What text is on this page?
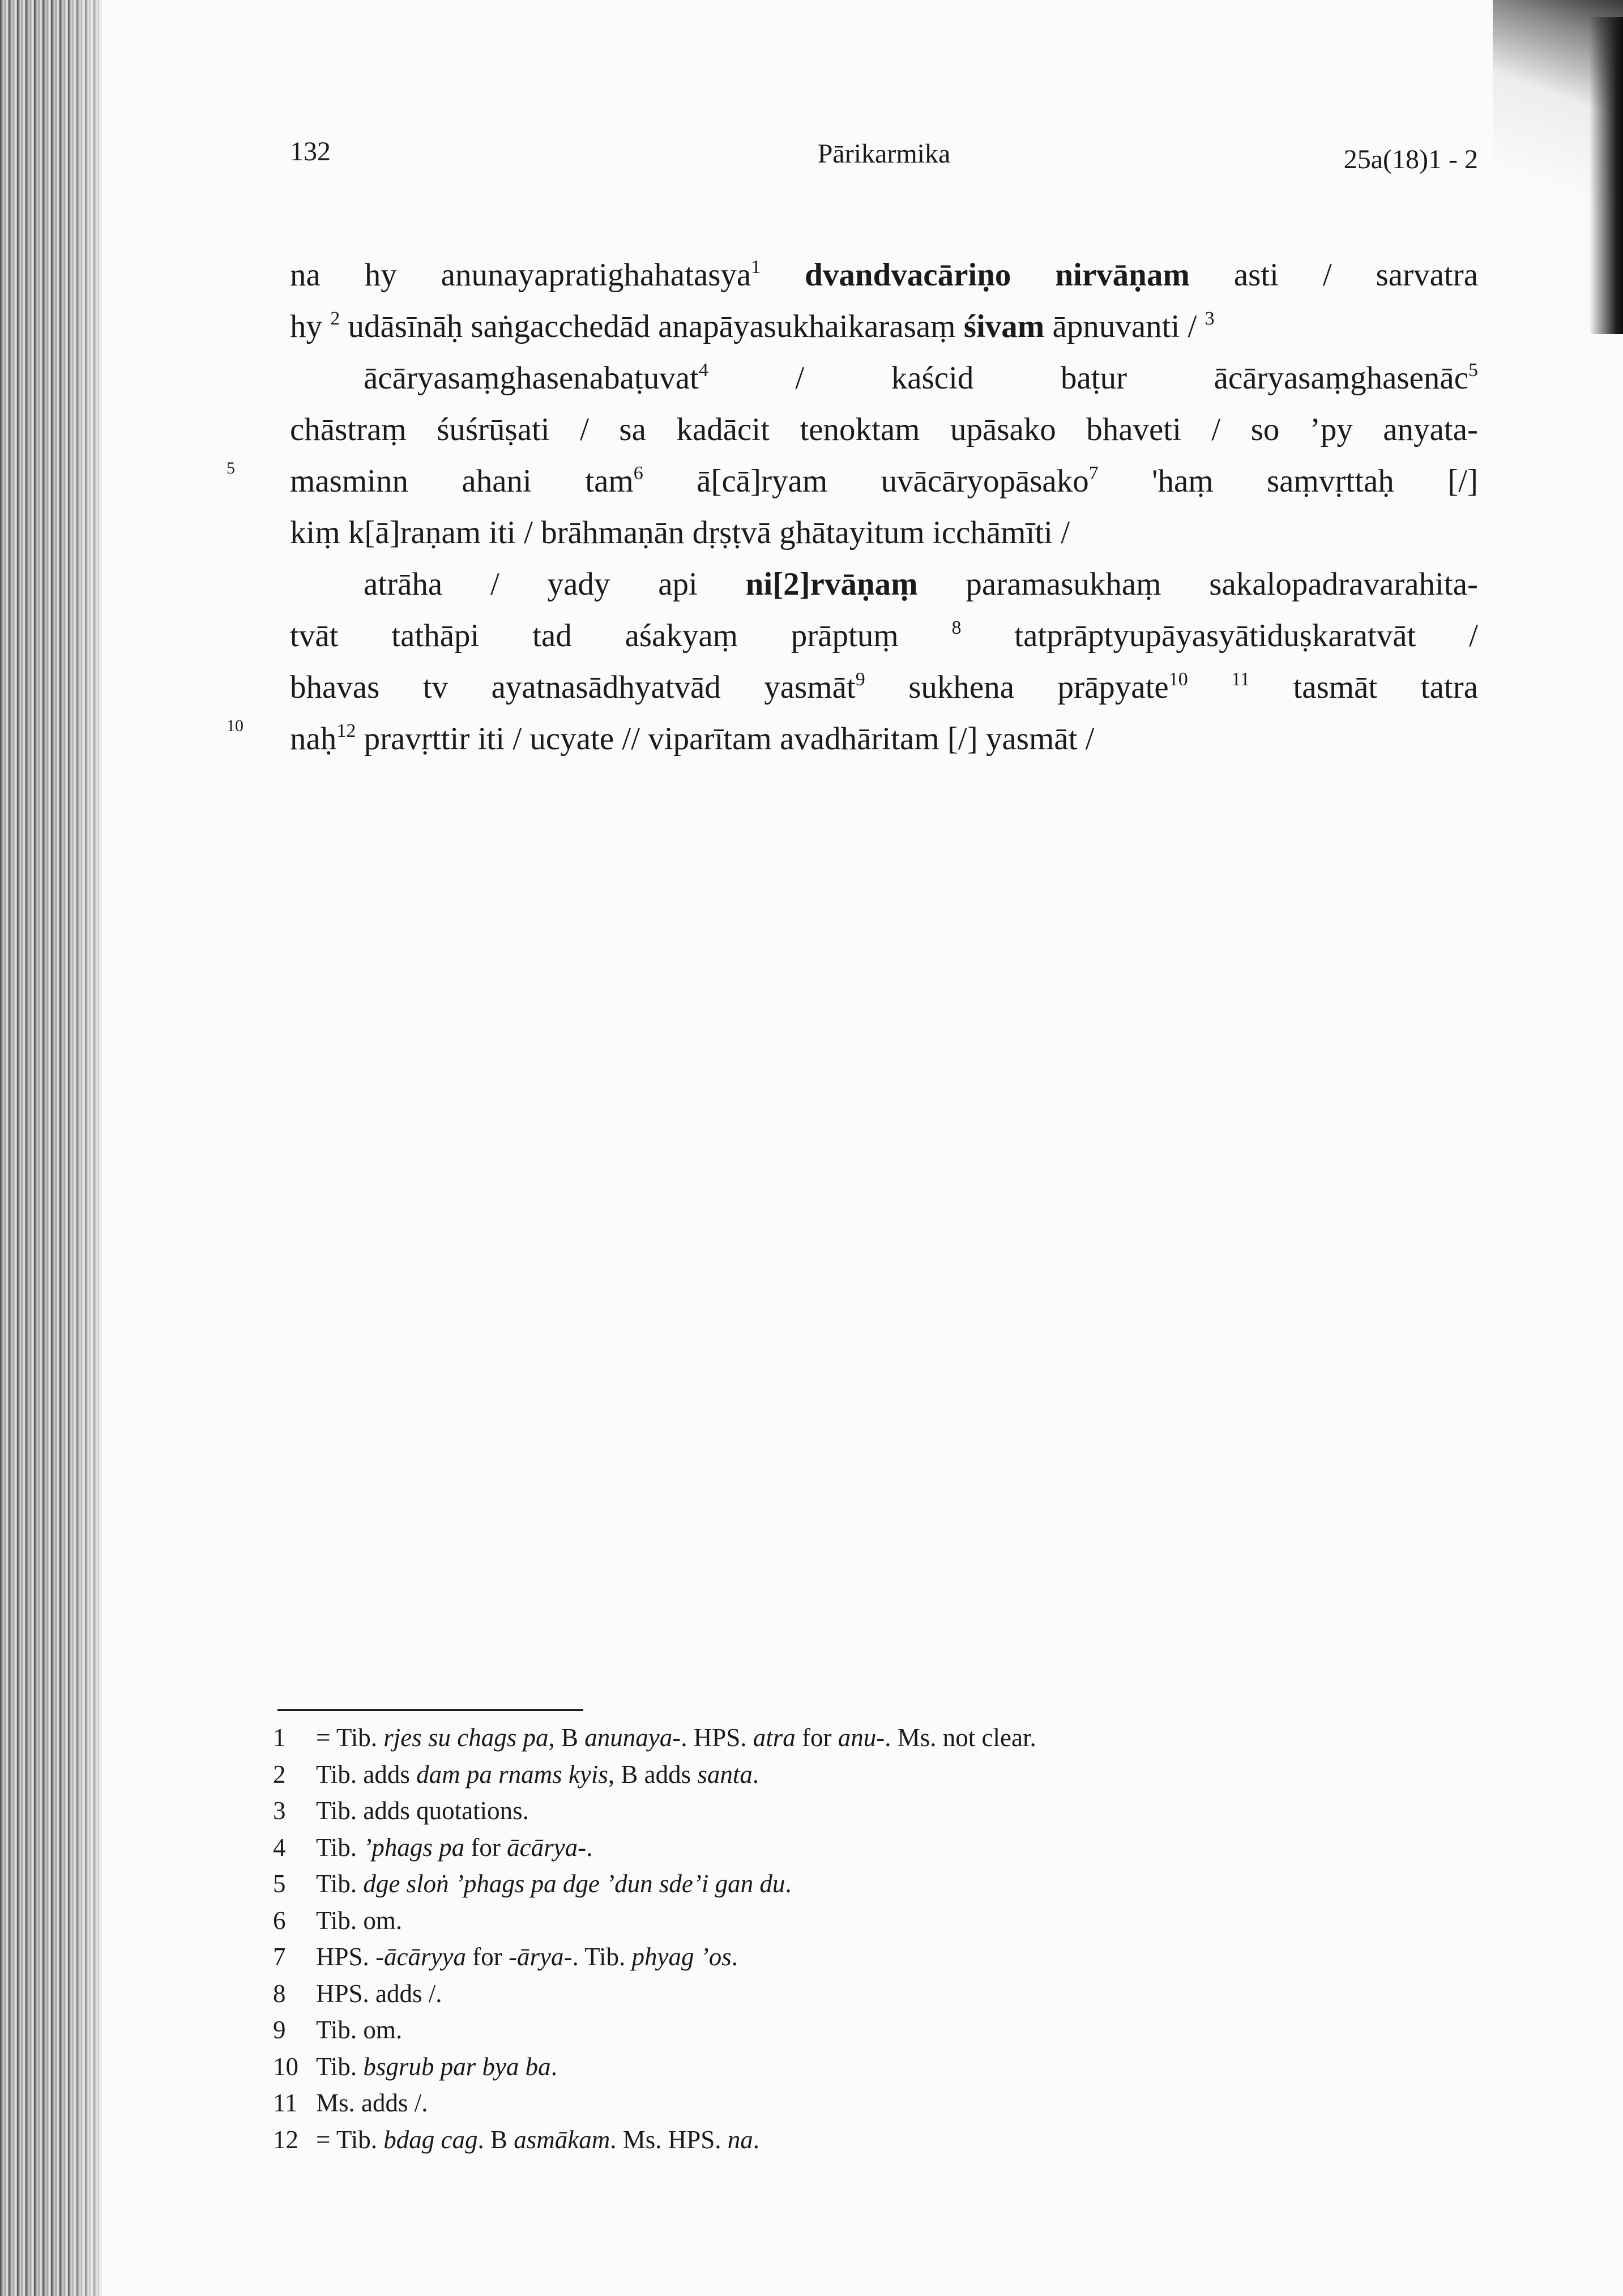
132	Pārikarmika	25a(18)1 - 2
5
10
na hy anunayapratighahatasya$^1$ dvandvacāriṇo nirvāṇam asti / sarvatra
hy $^2$ udāsīnāḥ saṅgacchedād anapāyasukhaikarasaṃ śivam āpnuvanti / $^3$
ācāryasaṃghasenabaṭuvat$^4$ / kaścid baṭur ācāryasaṃghasenāc$^5$
chāstraṃ śuśrūṣati / sa kadācit tenoktam upāsako bhaveti / so ’py anyata-
masminn ahani tam$^6$ ā[cā]ryam uvācāryopāsako$^7$ 'haṃ saṃvṛttaḥ [/]
kiṃ k[ā]raṇam iti / brāhmaṇān dṛṣṭvā ghātayitum icchāmīti /
atrāha / yady api ni[2]rvāṇaṃ paramasukhaṃ sakalopadravarahita-
tvāt tathāpi tad aśakyaṃ prāptuṃ $^8$ tatprāptyupāyasyātiduṣkaratvāt /
bhavas tv ayatnasādhyatvād yasmāt$^9$ sukhena prāpyate$^{10}$ $^{11}$ tasmāt tatra
naḥ$^{12}$ pravṛttir iti / ucyate // viparītam avadhāritam [/] yasmāt /
1 = Tib. rjes su chags pa, B anunaya-. HPS. atra for anu-. Ms. not clear.
2 Tib. adds dam pa rnams kyis, B adds santa.
3 Tib. adds quotations.
4 Tib. ’phags pa for ācārya-.
5 Tib. dge sloṅ ’phags pa dge ’dun sde’i gan du.
6 Tib. om.
7 HPS. -ācāryya for -ārya-. Tib. phyag ’os.
8 HPS. adds /.
9 Tib. om.
10 Tib. bsgrub par bya ba.
11 Ms. adds /.
12 = Tib. bdag cag. B asmākam. Ms. HPS. na.
